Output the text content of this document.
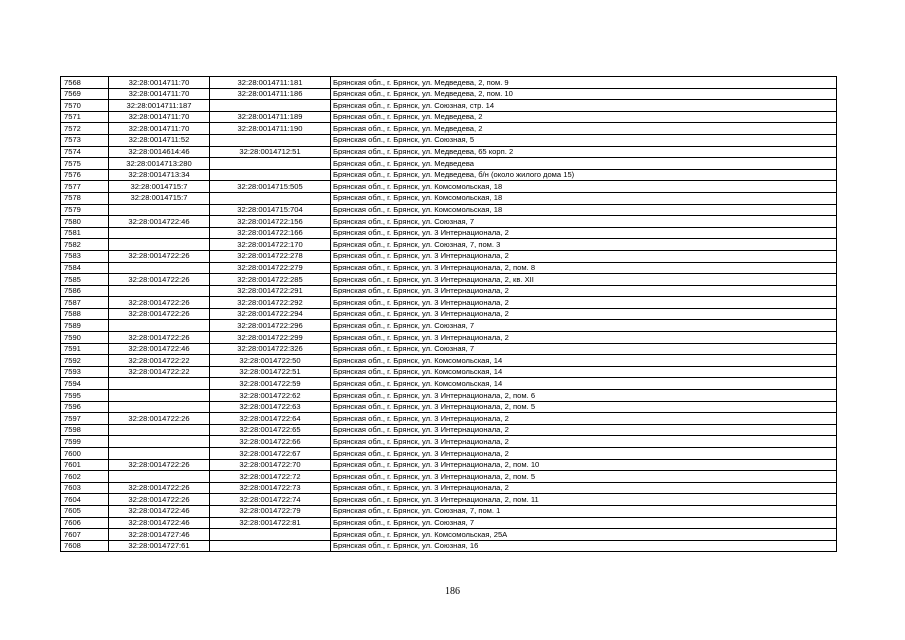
7568	32:28:0014711:70	32:28:0014711:181	Брянская обл., г. Брянск, ул. Медведева, 2, пом. 9
7569	32:28:0014711:70	32:28:0014711:186	Брянская обл., г. Брянск, ул. Медведева, 2, пом. 10
7570	32:28:0014711:187		Брянская обл., г. Брянск, ул. Союзная, стр. 14
7571	32:28:0014711:70	32:28:0014711:189	Брянская обл., г. Брянск, ул. Медведева, 2
7572	32:28:0014711:70	32:28:0014711:190	Брянская обл., г. Брянск, ул. Медведева, 2
7573	32:28:0014711:52		Брянская обл., г. Брянск, ул. Союзная, 5
7574	32:28:0014614:46	32:28:0014712:51	Брянская обл., г. Брянск, ул. Медведева, 65 корп. 2
7575	32:28:0014713:280		Брянская обл., г. Брянск, ул. Медведева
7576	32:28:0014713:34		Брянская обл., г. Брянск, ул. Медведева, б/н (около жилого дома 15)
7577	32:28:0014715:7	32:28:0014715:505	Брянская обл., г. Брянск, ул. Комсомольская, 18
7578	32:28:0014715:7		Брянская обл., г. Брянск, ул. Комсомольская, 18
7579		32:28:0014715:704	Брянская обл., г. Брянск, ул. Комсомольская, 18
7580	32:28:0014722:46	32:28:0014722:156	Брянская обл., г. Брянск, ул. Союзная, 7
7581		32:28:0014722:166	Брянская обл., г. Брянск, ул. 3 Интернационала, 2
7582		32:28:0014722:170	Брянская обл., г. Брянск, ул. Союзная, 7, пом. 3
7583	32:28:0014722:26	32:28:0014722:278	Брянская обл., г. Брянск, ул. 3 Интернационала, 2
7584		32:28:0014722:279	Брянская обл., г. Брянск, ул. 3 Интернационала, 2, пом. 8
7585	32:28:0014722:26	32:28:0014722:285	Брянская обл., г. Брянск, ул. 3 Интернационала, 2, кв. XII
7586		32:28:0014722:291	Брянская обл., г. Брянск, ул. 3 Интернационала, 2
7587	32:28:0014722:26	32:28:0014722:292	Брянская обл., г. Брянск, ул. 3 Интернационала, 2
7588	32:28:0014722:26	32:28:0014722:294	Брянская обл., г. Брянск, ул. 3 Интернационала, 2
7589		32:28:0014722:296	Брянская обл., г. Брянск, ул. Союзная, 7
7590	32:28:0014722:26	32:28:0014722:299	Брянская обл., г. Брянск, ул. 3 Интернационала, 2
7591	32:28:0014722:46	32:28:0014722:326	Брянская обл., г. Брянск, ул. Союзная, 7
7592	32:28:0014722:22	32:28:0014722:50	Брянская обл., г. Брянск, ул. Комсомольская, 14
7593	32:28:0014722:22	32:28:0014722:51	Брянская обл., г. Брянск, ул. Комсомольская, 14
7594		32:28:0014722:59	Брянская обл., г. Брянск, ул. Комсомольская, 14
7595		32:28:0014722:62	Брянская обл., г. Брянск, ул. 3 Интернационала, 2, пом. 6
7596		32:28:0014722:63	Брянская обл., г. Брянск, ул. 3 Интернационала, 2, пом. 5
7597	32:28:0014722:26	32:28:0014722:64	Брянская обл., г. Брянск, ул. 3 Интернационала, 2
7598		32:28:0014722:65	Брянская обл., г. Брянск, ул. 3 Интернационала, 2
7599		32:28:0014722:66	Брянская обл., г. Брянск, ул. 3 Интернационала, 2
7600		32:28:0014722:67	Брянская обл., г. Брянск, ул. 3 Интернационала, 2
7601	32:28:0014722:26	32:28:0014722:70	Брянская обл., г. Брянск, ул. 3 Интернационала, 2, пом. 10
7602		32:28:0014722:72	Брянская обл., г. Брянск, ул. 3 Интернационала, 2, пом. 5
7603	32:28:0014722:26	32:28:0014722:73	Брянская обл., г. Брянск, ул. 3 Интернационала, 2
7604	32:28:0014722:26	32:28:0014722:74	Брянская обл., г. Брянск, ул. 3 Интернационала, 2, пом. 11
7605	32:28:0014722:46	32:28:0014722:79	Брянская обл., г. Брянск, ул. Союзная, 7, пом. 1
7606	32:28:0014722:46	32:28:0014722:81	Брянская обл., г. Брянск, ул. Союзная, 7
7607	32:28:0014727:46		Брянская обл., г. Брянск, ул. Комсомольская, 25А
7608	32:28:0014727:61		Брянская обл., г. Брянск, ул. Союзная, 16
186
